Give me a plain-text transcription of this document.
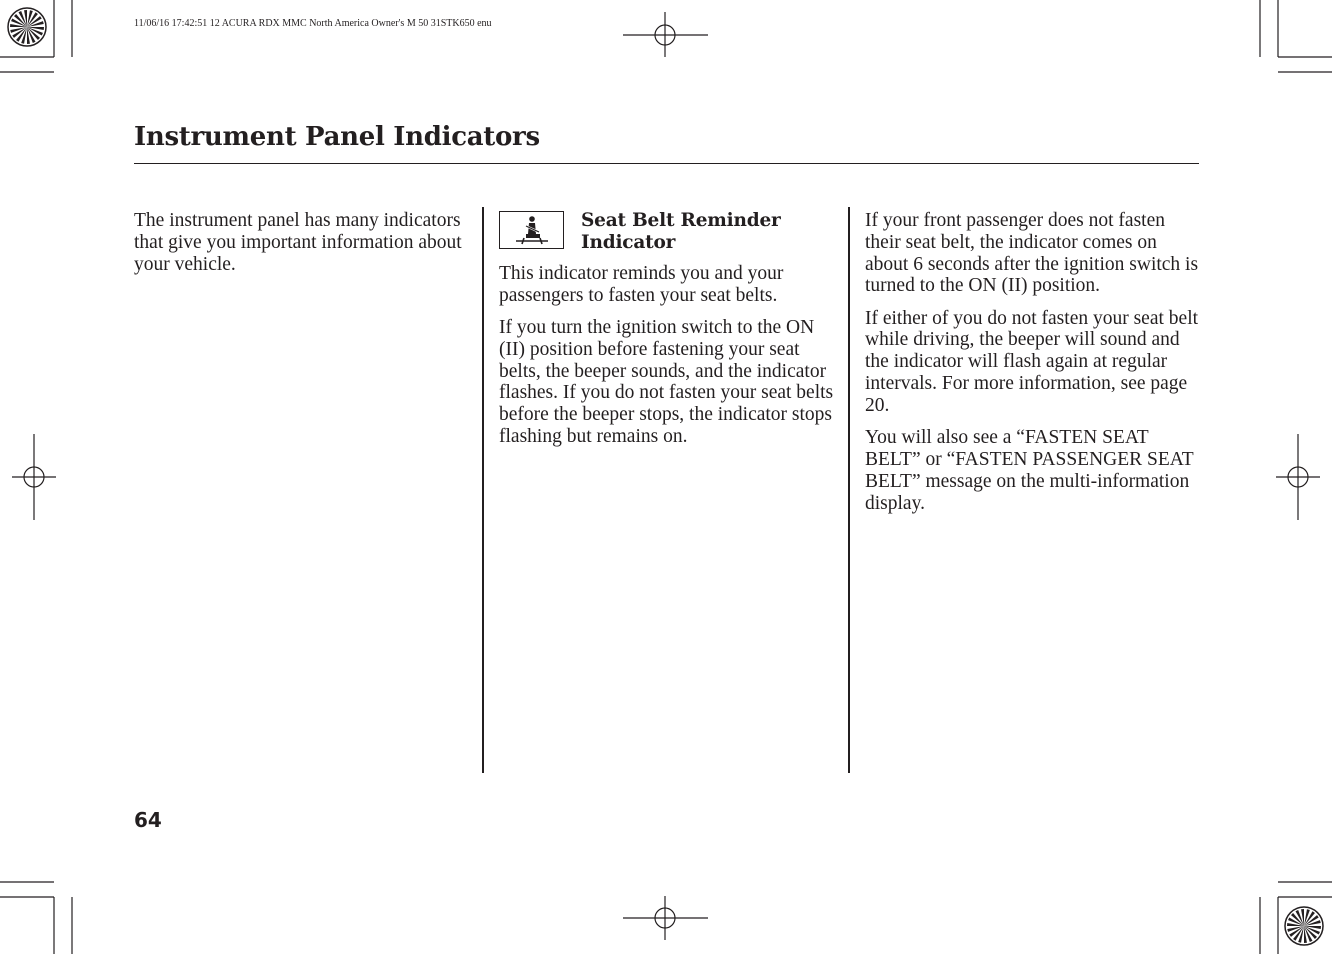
11/06/16 17:42:51 12 ACURA RDX MMC North America Owner's M 50 31STK650 enu
Instrument Panel Indicators

The instrument panel has many indicators that give you important information about your vehicle.

Seat Belt Reminder
Indicator

This indicator reminds you and your passengers to fasten your seat belts.

If you turn the ignition switch to the ON (II) position before fastening your seat belts, the beeper sounds, and the indicator flashes. If you do not fasten your seat belts before the beeper stops, the indicator stops flashing but remains on.

If your front passenger does not fasten their seat belt, the indicator comes on about 6 seconds after the ignition switch is turned to the ON (II) position.

If either of you do not fasten your seat belt while driving, the beeper will sound and the indicator will flash again at regular intervals. For more information, see page 20.

You will also see a “FASTEN SEAT BELT” or “FASTEN PASSENGER SEAT BELT” message on the multi-information display.

64
